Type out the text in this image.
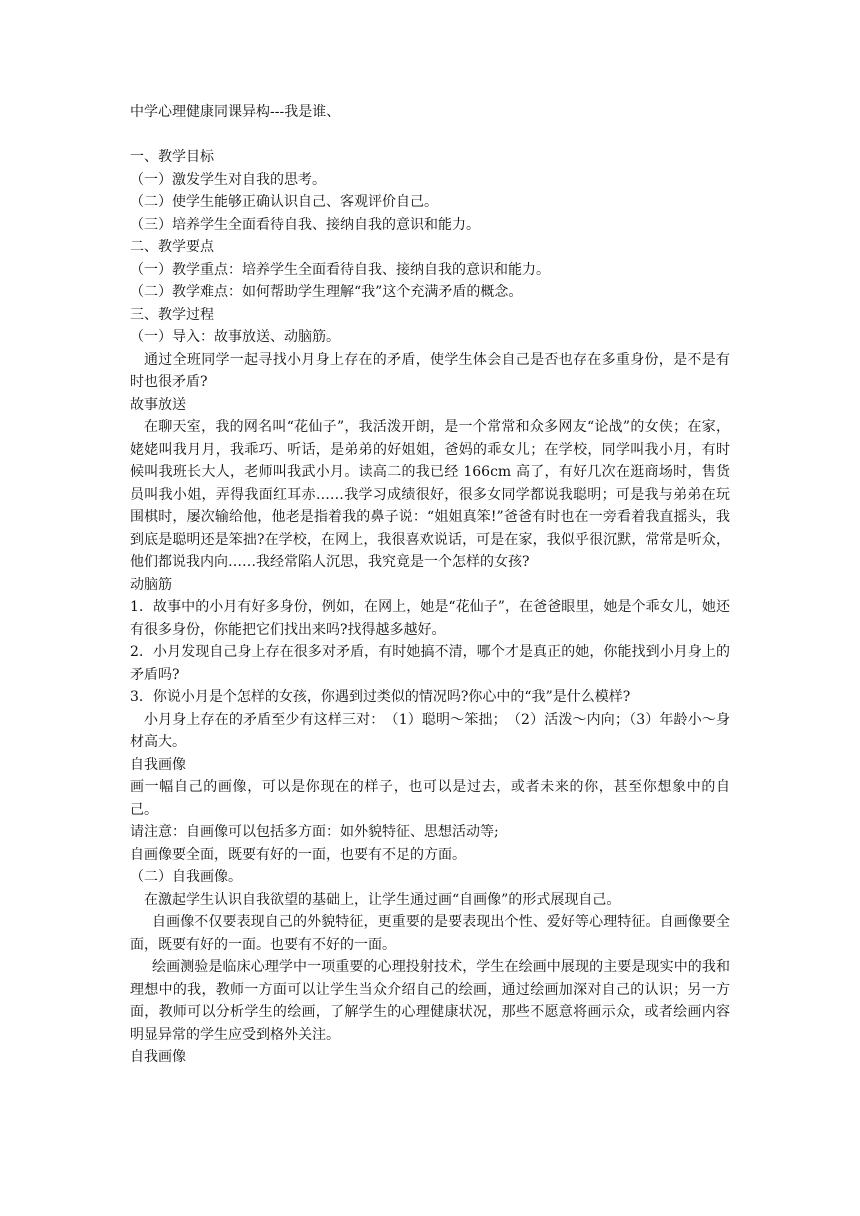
中学心理健康同课异构---我是谁、

一、教学目标

（一）激发学生对自我的思考。

（二）使学生能够正确认识自己、客观评价自己。

（三）培养学生全面看待自我、接纳自我的意识和能力。

二、教学要点

（一）教学重点：培养学生全面看待自我、接纳自我的意识和能力。

（二）教学难点：如何帮助学生理解“我”这个充满矛盾的概念。

三、教学过程

（一）导入：故事放送、动脑筋。

通过全班同学一起寻找小月身上存在的矛盾，使学生体会自己是否也存在多重身份，是不是有时也很矛盾?

故事放送

在聊天室，我的网名叫“花仙子”，我活泼开朗，是一个常常和众多网友“论战”的女侠；在家，姥姥叫我月月，我乖巧、听话，是弟弟的好姐姐，爸妈的乖女儿；在学校，同学叫我小月，有时候叫我班长大人，老师叫我武小月。读高二的我已经 166cm 高了，有好几次在逛商场时，售货员叫我小姐，弄得我面红耳赤……我学习成绩很好，很多女同学都说我聪明；可是我与弟弟在玩围棋时，屡次输给他，他老是指着我的鼻子说：“姐姐真笨!”爸爸有时也在一旁看着我直摇头，我到底是聪明还是笨拙?在学校，在网上，我很喜欢说话，可是在家，我似乎很沉默，常常是听众，他们都说我内向……我经常陷人沉思，我究竟是一个怎样的女孩?

动脑筋

1．故事中的小月有好多身份，例如，在网上，她是“花仙子”，在爸爸眼里，她是个乖女儿，她还有很多身份，你能把它们找出来吗?找得越多越好。

2．小月发现自己身上存在很多对矛盾，有时她搞不清，哪个才是真正的她，你能找到小月身上的矛盾吗?

3．你说小月是个怎样的女孩，你遇到过类似的情况吗?你心中的“我”是什么模样?

小月身上存在的矛盾至少有这样三对：　（1）聪明～笨拙；　（2）活泼～内向；（3）年龄小～身材高大。

自我画像

画一幅自己的画像，可以是你现在的样子，也可以是过去，或者未来的你，甚至你想象中的自己。

请注意：自画像可以包括多方面：如外貌特征、思想活动等;

自画像要全面，既要有好的一面，也要有不足的方面。

（二）自我画像。

在激起学生认识自我欲望的基础上，让学生通过画“自画像”的形式展现自己。

自画像不仅要表现自己的外貌特征，更重要的是要表现出个性、爱好等心理特征。自画像要全面，既要有好的一面。也要有不好的一面。

绘画测验是临床心理学中一项重要的心理投射技术，学生在绘画中展现的主要是现实中的我和理想中的我，教师一方面可以让学生当众介绍自己的绘画，通过绘画加深对自己的认识；另一方面，教师可以分析学生的绘画，了解学生的心理健康状况，那些不愿意将画示众，或者绘画内容明显异常的学生应受到格外关注。

自我画像
